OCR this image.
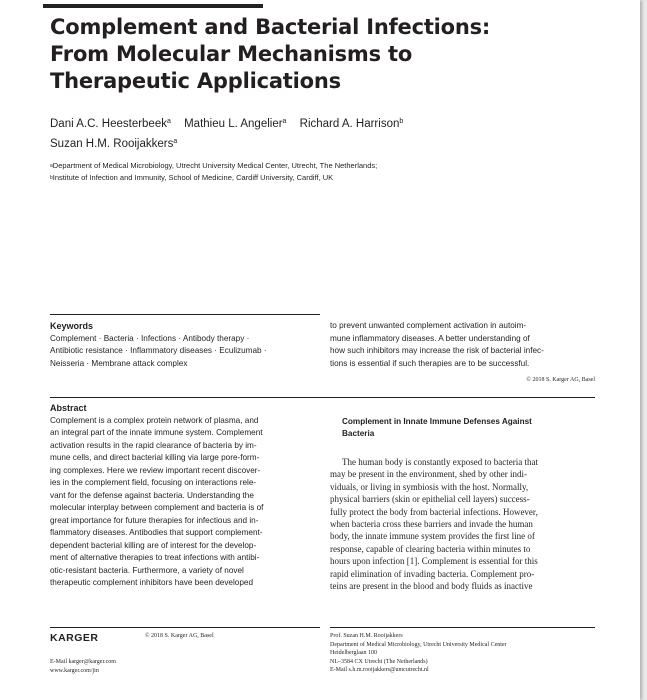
Complement and Bacterial Infections:
From Molecular Mechanisms to
Therapeutic Applications
Dani A.C. Heesterbeek$^a$ Mathieu L. Angelier$^a$ Richard A. Harrison$^b$
Suzan H.M. Rooijakkers$^a$
$^a$Department of Medical Microbiology, Utrecht University Medical Center, Utrecht, The Netherlands;
$^b$Institute of Infection and Immunity, School of Medicine, Cardiff University, Cardiff, UK
Keywords
Complement · Bacteria · Infections · Antibody therapy ·
Antibiotic resistance · Inflammatory diseases · Eculizumab ·
Neisseria · Membrane attack complex
to prevent unwanted complement activation in autoim-
mune inflammatory diseases. A better understanding of
how such inhibitors may increase the risk of bacterial infec-
tions is essential if such therapies are to be successful.
© 2018 S. Karger AG, Basel
Abstract
Complement is a complex protein network of plasma, and
an integral part of the innate immune system. Complement
activation results in the rapid clearance of bacteria by im-
mune cells, and direct bacterial killing via large pore-form-
ing complexes. Here we review important recent discover-
ies in the complement field, focusing on interactions rele-
vant for the defense against bacteria. Understanding the
molecular interplay between complement and bacteria is of
great importance for future therapies for infectious and in-
flammatory diseases. Antibodies that support complement-
dependent bacterial killing are of interest for the develop-
ment of alternative therapies to treat infections with antibi-
otic-resistant bacteria. Furthermore, a variety of novel
therapeutic complement inhibitors have been developed
Complement in Innate Immune Defenses Against
Bacteria
The human body is constantly exposed to bacteria that
may be present in the environment, shed by other indi-
viduals, or living in symbiosis with the host. Normally,
physical barriers (skin or epithelial cell layers) success-
fully protect the body from bacterial infections. However,
when bacteria cross these barriers and invade the human
body, the innate immune system provides the first line of
response, capable of clearing bacteria within minutes to
hours upon infection [1]. Complement is essential for this
rapid elimination of invading bacteria. Complement pro-
teins are present in the blood and body fluids as inactive
KARGER	© 2018 S. Karger AG, Basel
E-Mail karger@karger.com
www.karger.com/jin
Prof. Suzan H.M. Rooijakkers
Department of Medical Microbiology, Utrecht University Medical Center
Heidelberglaan 100
NL–3584 CX Utrecht (The Netherlands)
E-Mail s.h.m.rooijakkers@umcutrecht.nl
